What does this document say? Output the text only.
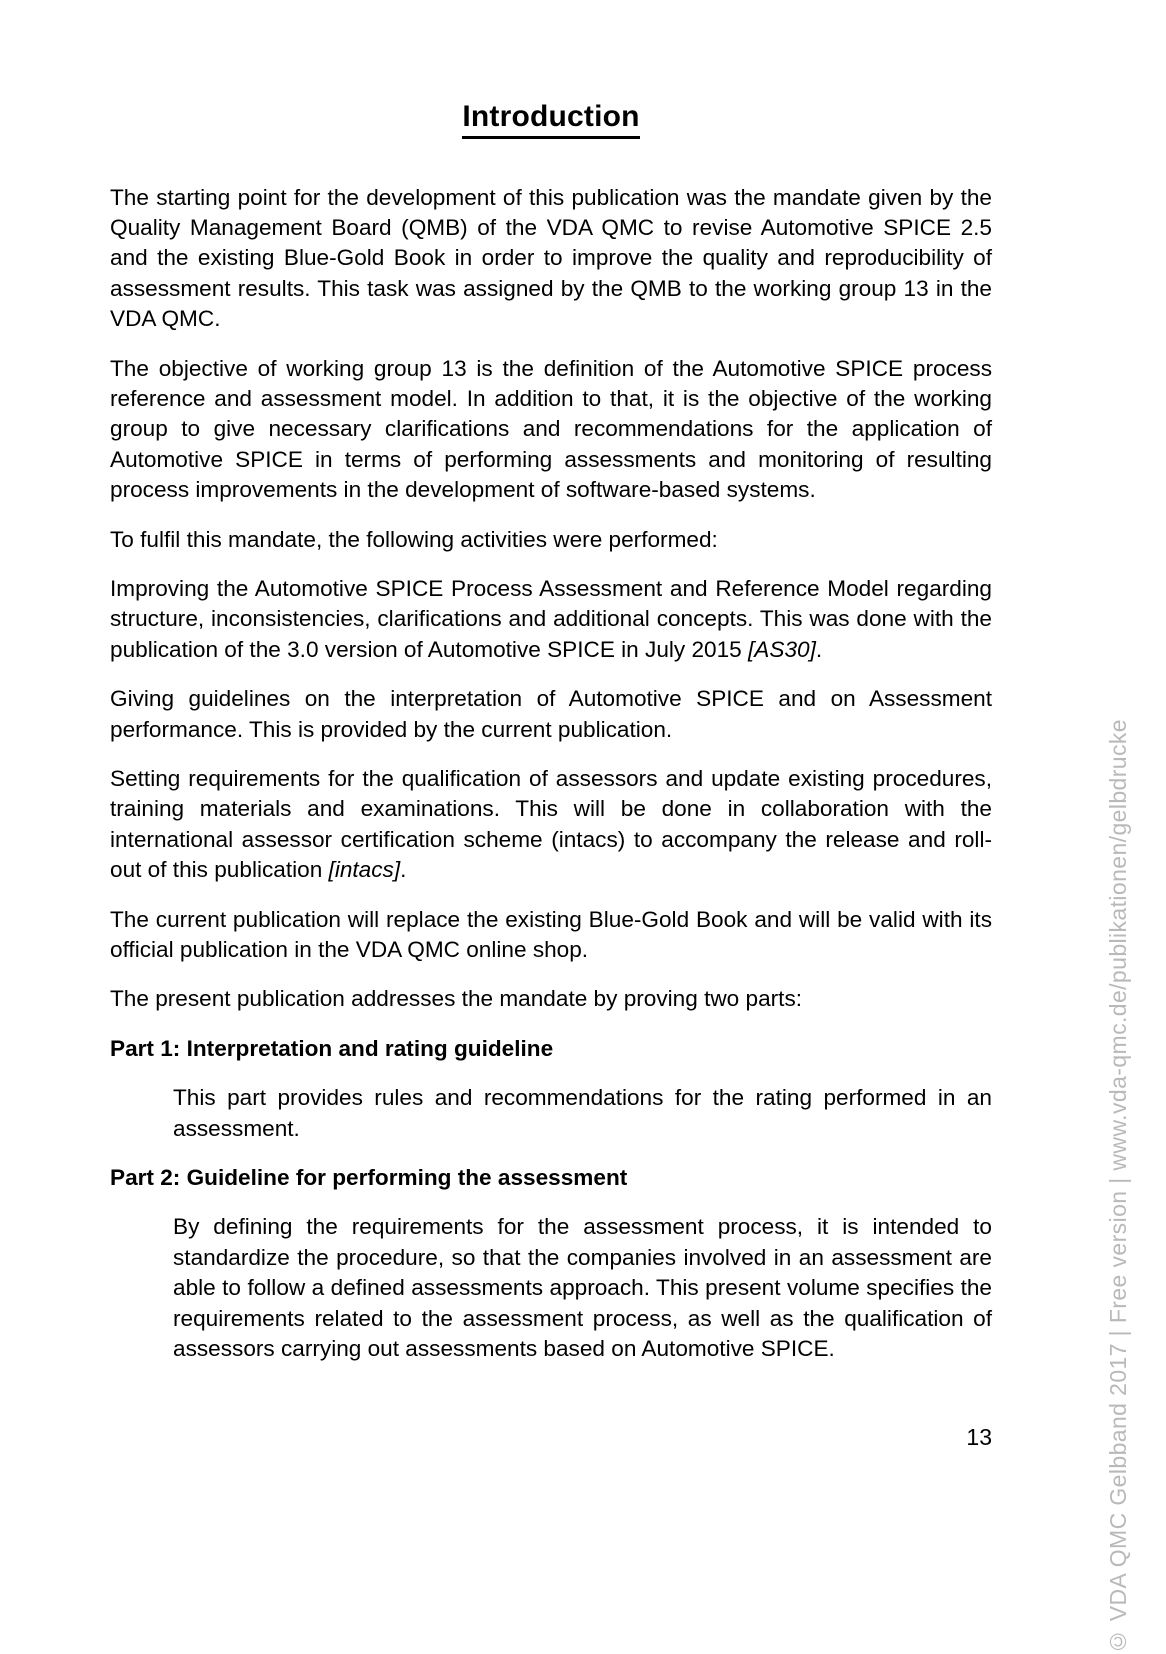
Introduction

The starting point for the development of this publication was the mandate given by the Quality Management Board (QMB) of the VDA QMC to revise Automotive SPICE 2.5 and the existing Blue-Gold Book in order to improve the quality and reproducibility of assessment results. This task was assigned by the QMB to the working group 13 in the VDA QMC.

The objective of working group 13 is the definition of the Automotive SPICE process reference and assessment model. In addition to that, it is the objective of the working group to give necessary clarifications and recommendations for the application of Automotive SPICE in terms of performing assessments and monitoring of resulting process improvements in the development of software-based systems.

To fulfil this mandate, the following activities were performed:

Improving the Automotive SPICE Process Assessment and Reference Model regarding structure, inconsistencies, clarifications and additional concepts. This was done with the publication of the 3.0 version of Automotive SPICE in July 2015 [AS30].

Giving guidelines on the interpretation of Automotive SPICE and on Assessment performance. This is provided by the current publication.

Setting requirements for the qualification of assessors and update existing procedures, training materials and examinations. This will be done in collaboration with the international assessor certification scheme (intacs) to accompany the release and roll-out of this publication [intacs].

The current publication will replace the existing Blue-Gold Book and will be valid with its official publication in the VDA QMC online shop.

The present publication addresses the mandate by proving two parts:

Part 1: Interpretation and rating guideline

This part provides rules and recommendations for the rating performed in an assessment.

Part 2: Guideline for performing the assessment

By defining the requirements for the assessment process, it is intended to standardize the procedure, so that the companies involved in an assessment are able to follow a defined assessments approach. This present volume specifies the requirements related to the assessment process, as well as the qualification of assessors carrying out assessments based on Automotive SPICE.

13	© VDA QMC Gelbband 2017 | Free version | www.vda-qmc.de/publikationen/gelbdrucke
